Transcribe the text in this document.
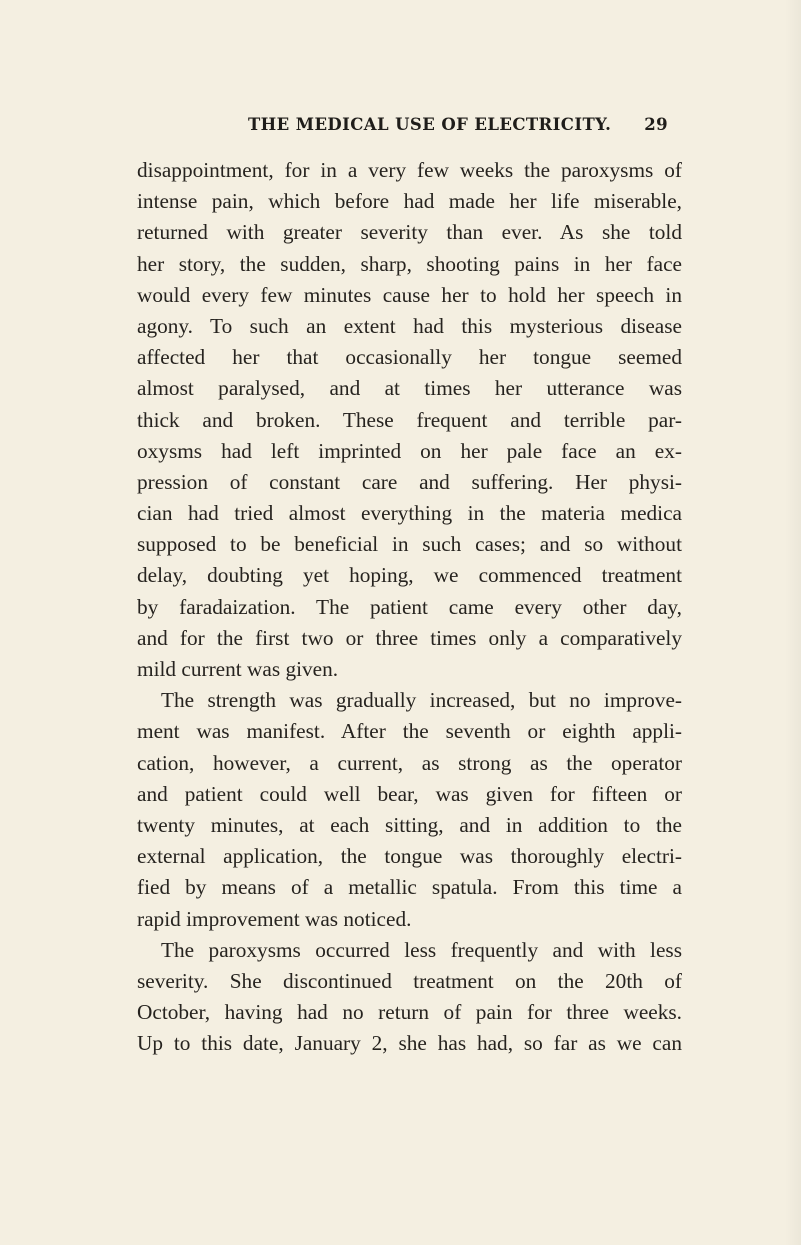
THE MEDICAL USE OF ELECTRICITY. 29
disappointment, for in a very few weeks the paroxysms of
intense pain, which before had made her life miserable,
returned with greater severity than ever. As she told
her story, the sudden, sharp, shooting pains in her face
would every few minutes cause her to hold her speech in
agony. To such an extent had this mysterious disease
affected her that occasionally her tongue seemed
almost paralysed, and at times her utterance was
thick and broken. These frequent and terrible par-
oxysms had left imprinted on her pale face an ex-
pression of constant care and suffering. Her physi-
cian had tried almost everything in the materia medica
supposed to be beneficial in such cases; and so without
delay, doubting yet hoping, we commenced treatment
by faradaization. The patient came every other day,
and for the first two or three times only a comparatively
mild current was given.
The strength was gradually increased, but no improve-
ment was manifest. After the seventh or eighth appli-
cation, however, a current, as strong as the operator
and patient could well bear, was given for fifteen or
twenty minutes, at each sitting, and in addition to the
external application, the tongue was thoroughly electri-
fied by means of a metallic spatula. From this time a
rapid improvement was noticed.
The paroxysms occurred less frequently and with less
severity. She discontinued treatment on the 20th of
October, having had no return of pain for three weeks.
Up to this date, January 2, she has had, so far as we can
